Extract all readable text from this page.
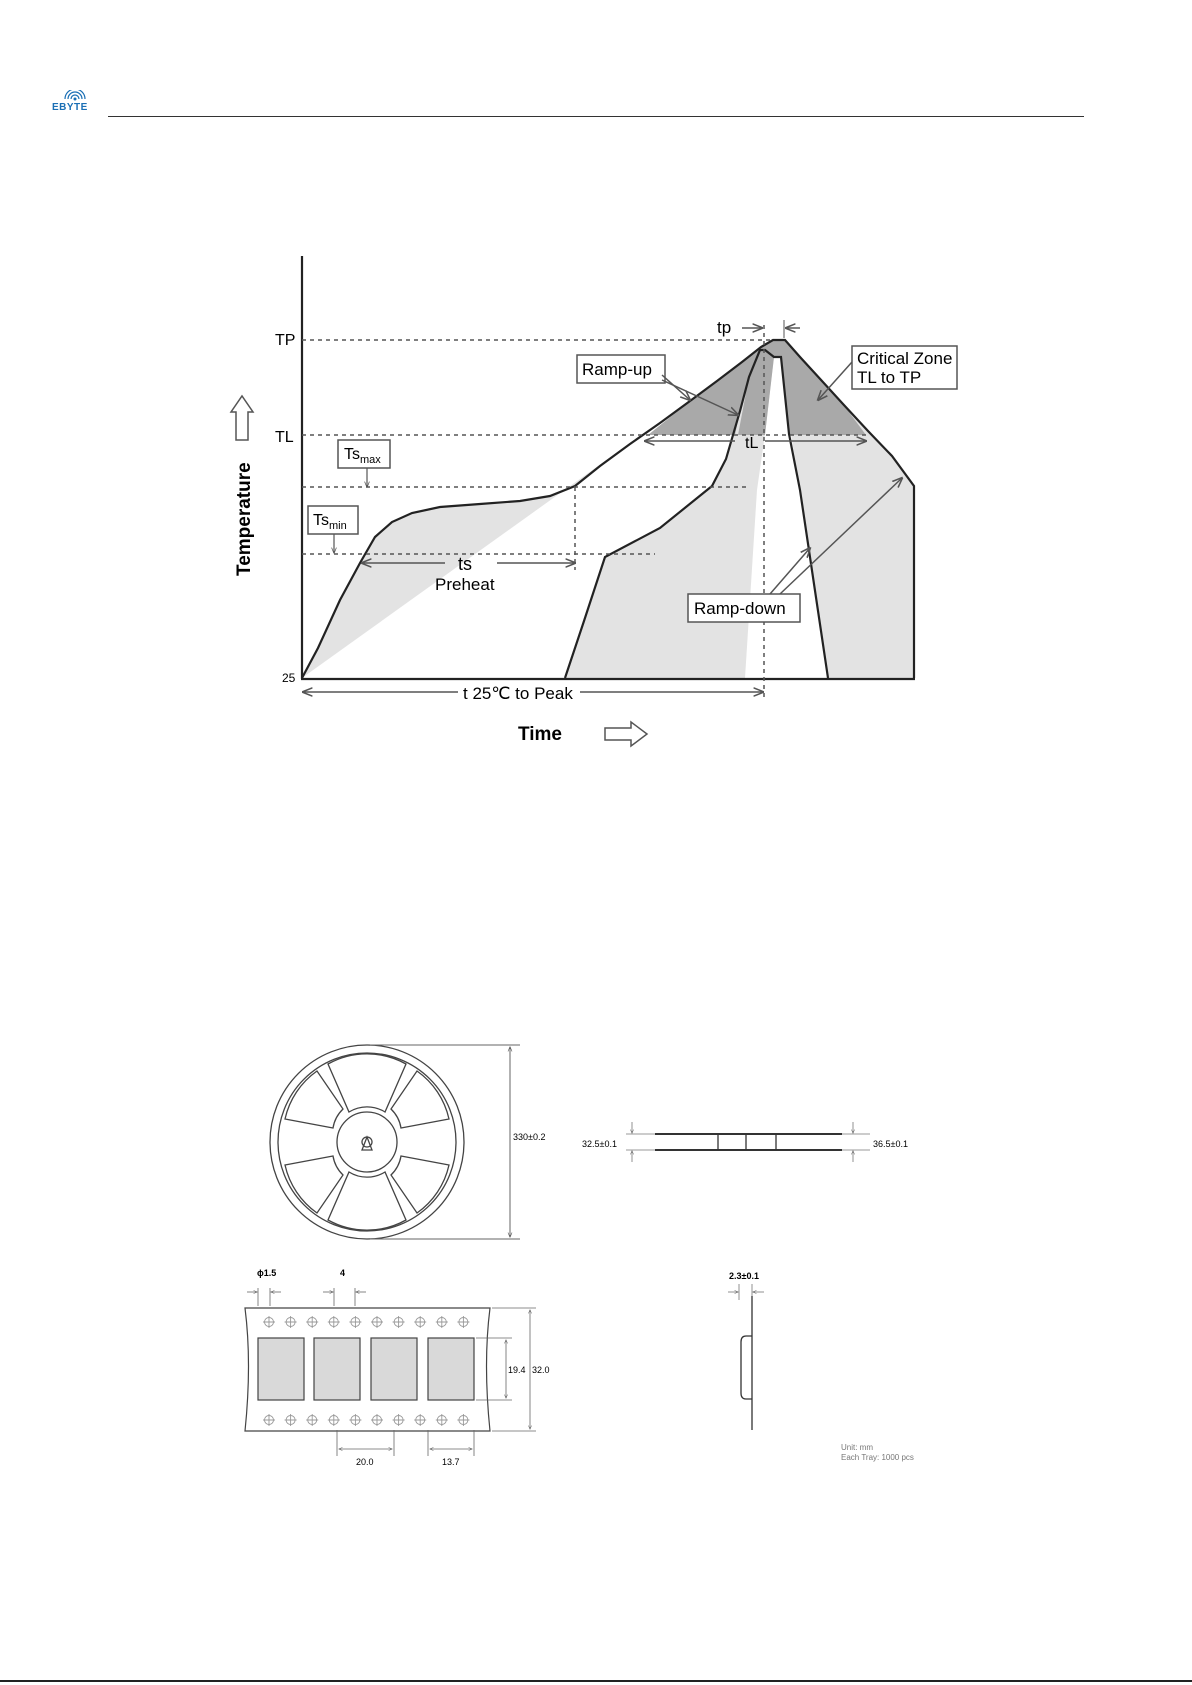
EBYTE
TP
TL
25
Temperature
Time
$Ts_{max}$
$Ts_{min}$
ts
Preheat
t 25℃ to Peak
tp
tL
Ramp-up
Critical Zone
TL to TP
Ramp-down
330±0.2
32.5±0.1	36.5±0.1
ϕ1.5	4
19.4 32.0
20.0	13.7
2.3±0.1
Unit: mm
Each Tray: 1000 pcs
